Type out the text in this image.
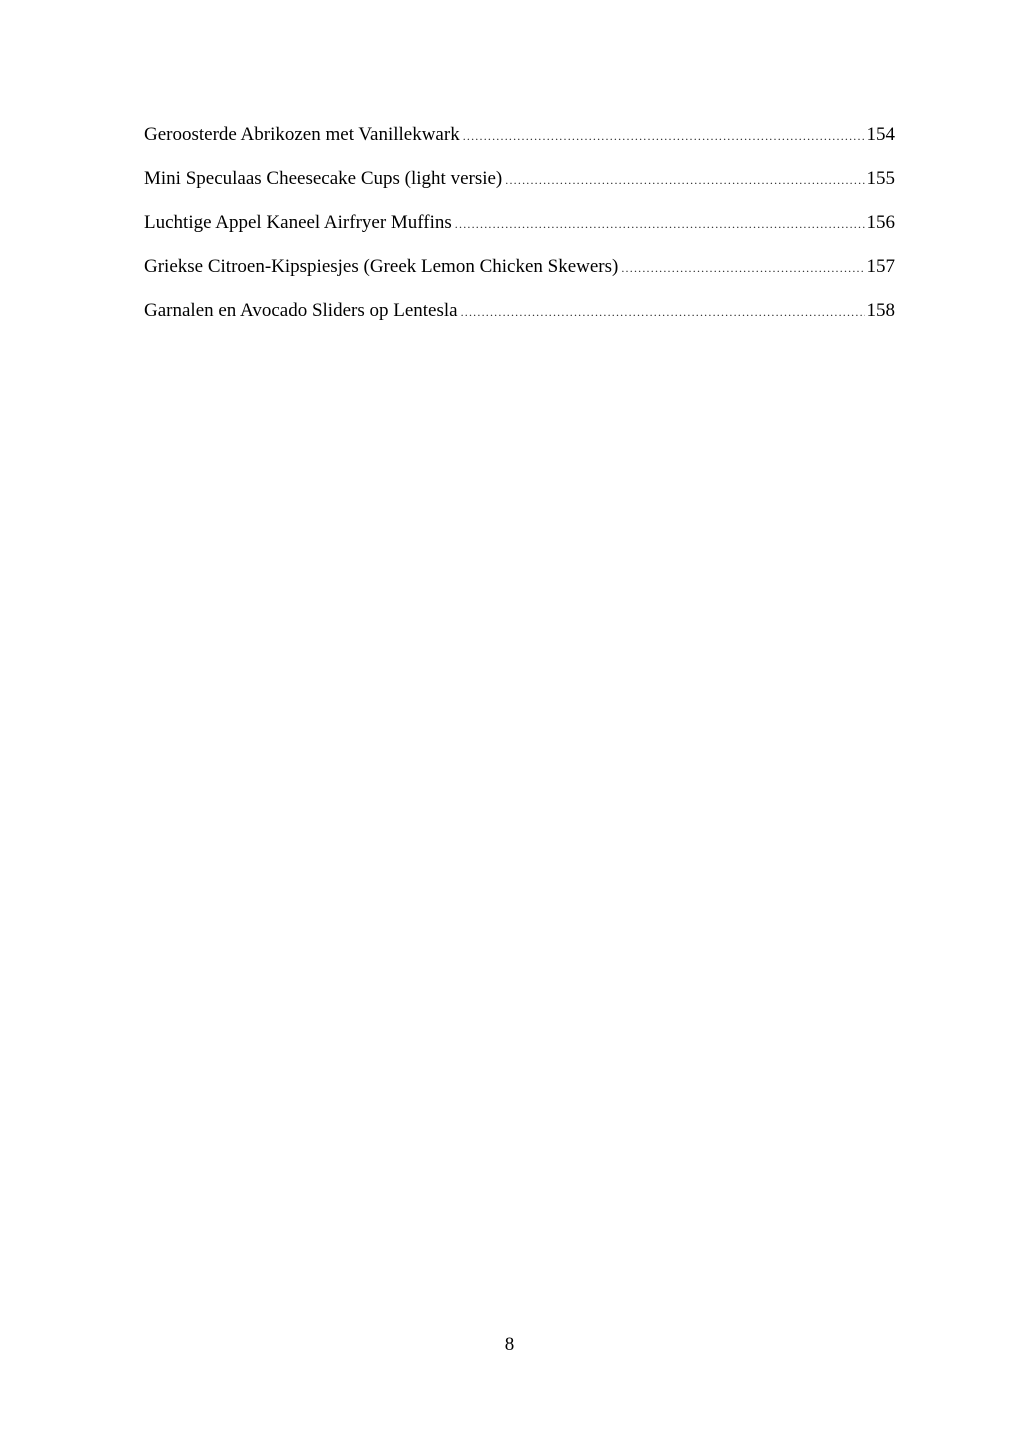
Geroosterde Abrikozen met Vanillekwark .....	154
Mini Speculaas Cheesecake Cups (light versie) .....	155
Luchtige Appel Kaneel Airfryer Muffins .....	156
Griekse Citroen-Kipspiesjes (Greek Lemon Chicken Skewers) .....	157
Garnalen en Avocado Sliders op Lentesla .....	158
8
